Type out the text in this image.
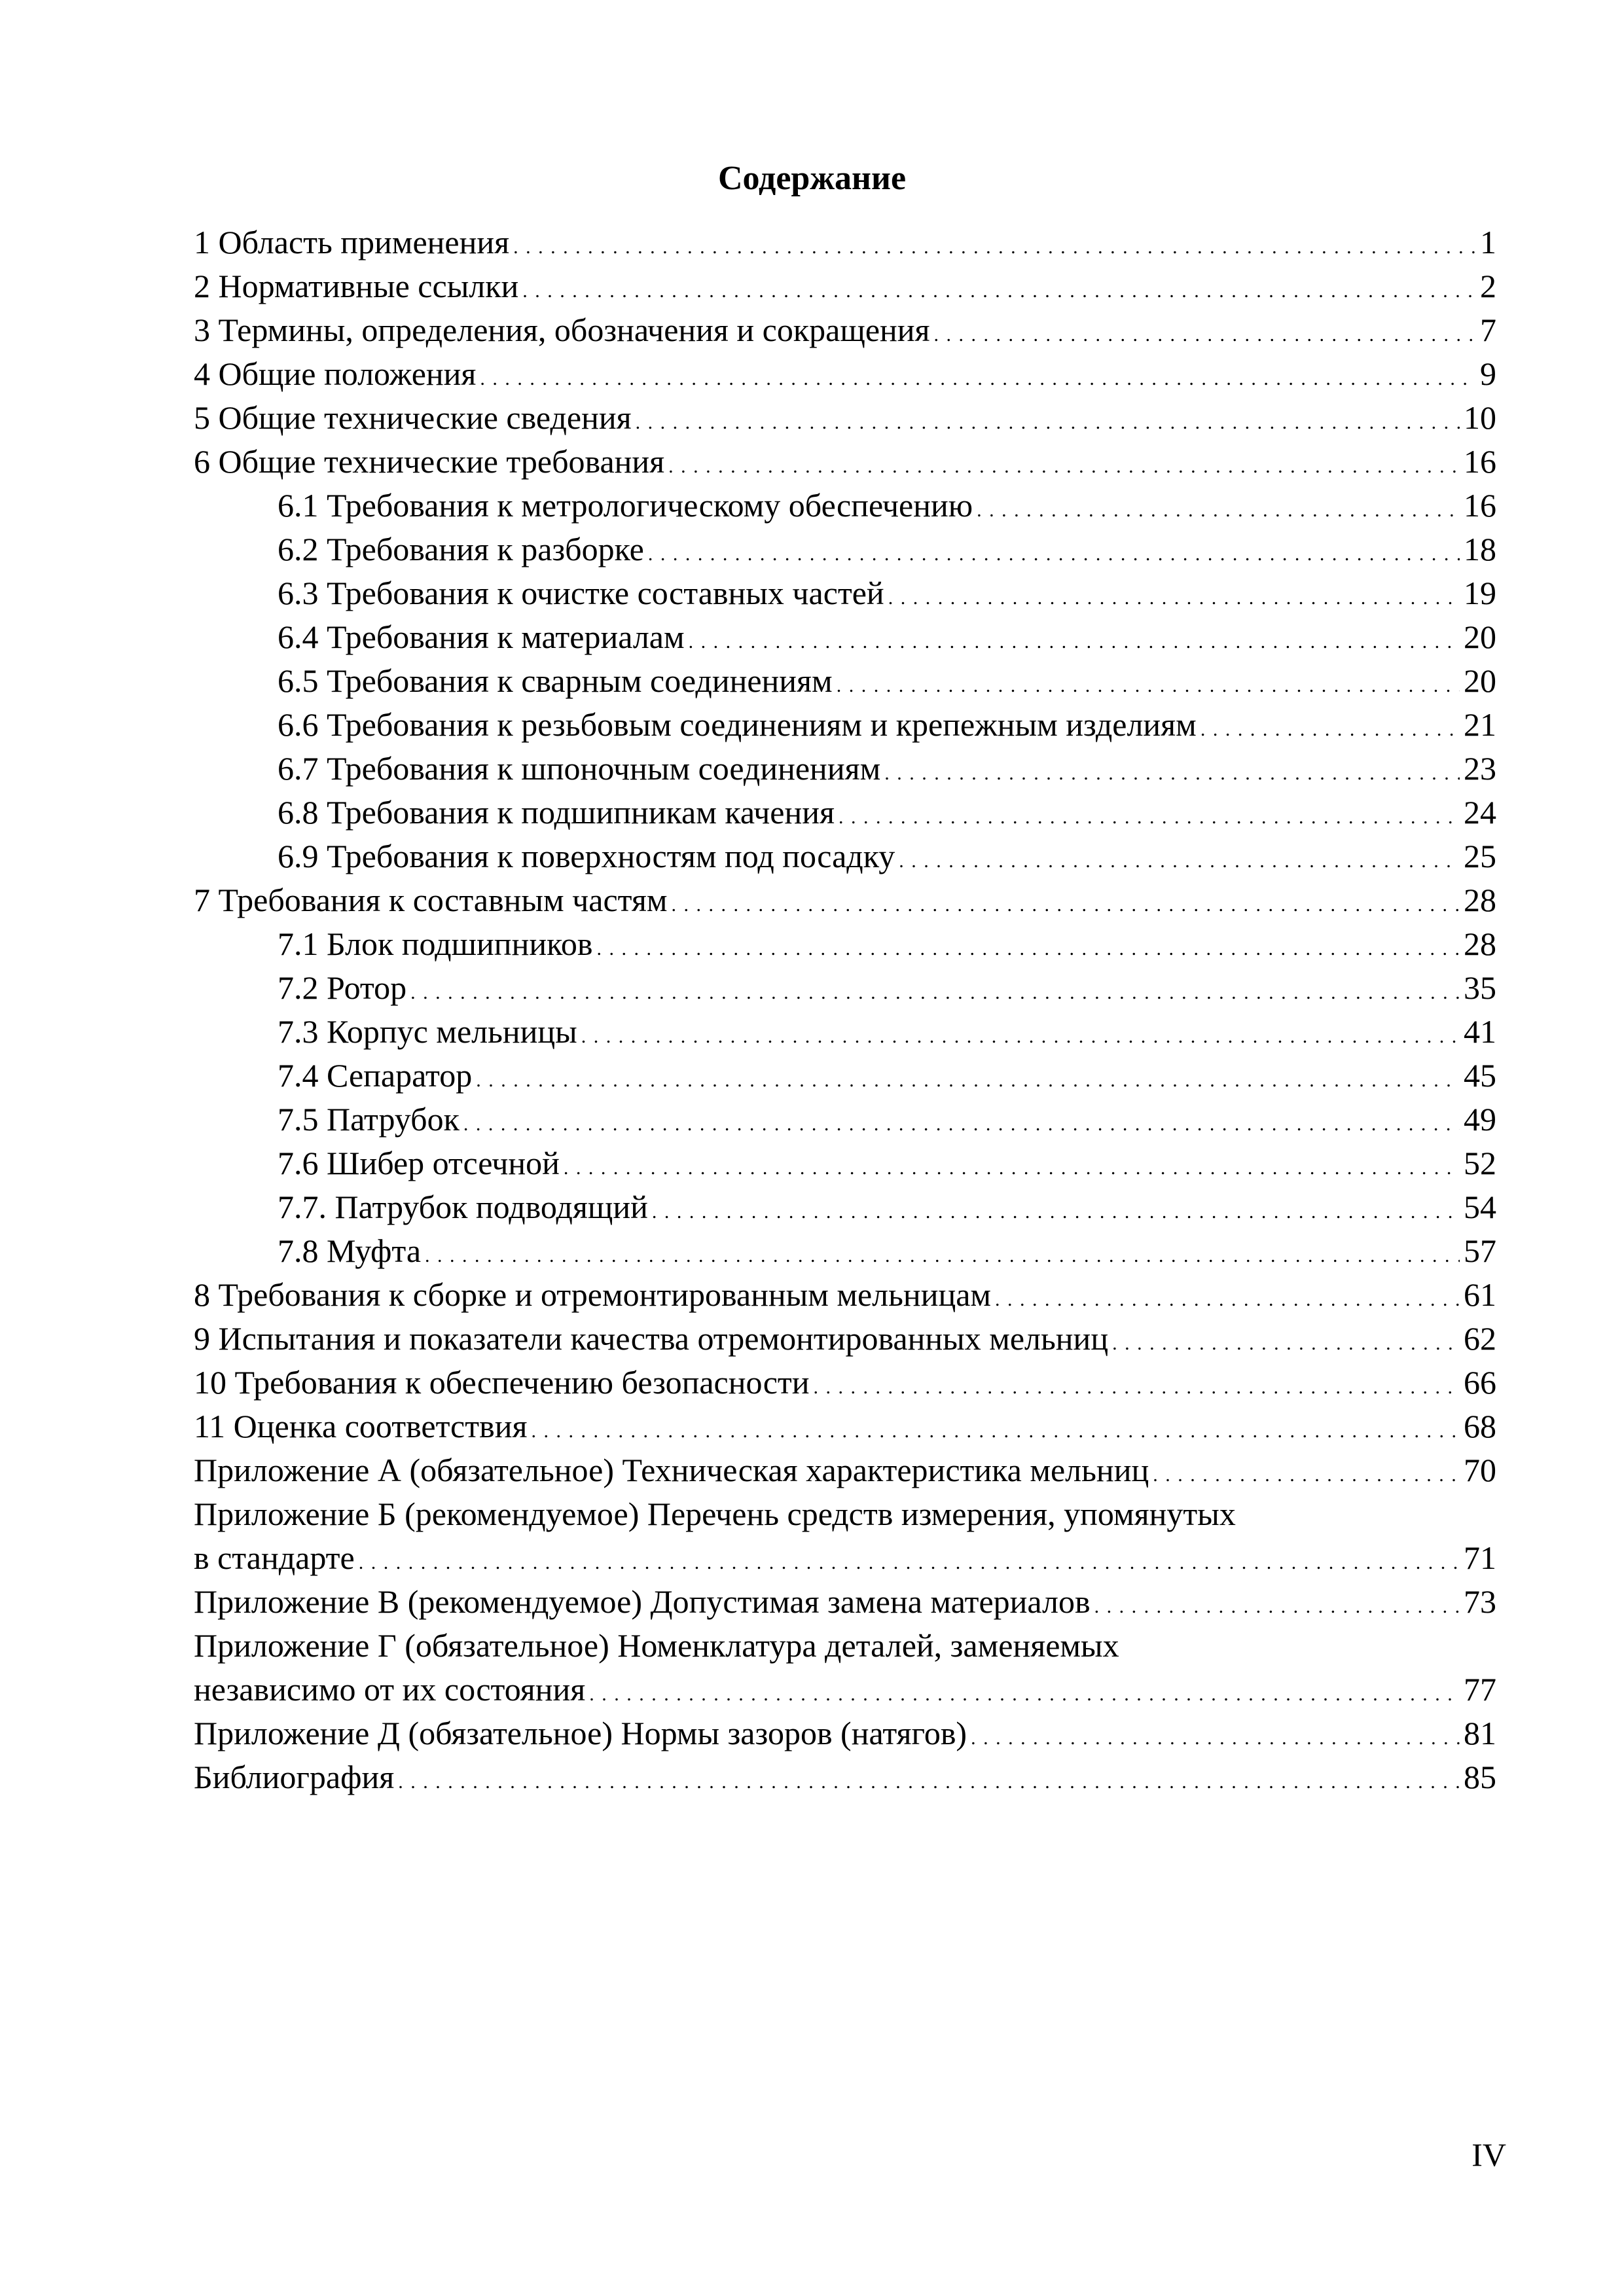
Содержание
1 Область применения . . .	1
2 Нормативные ссылки . . .	2
3 Термины, определения, обозначения и сокращения . . .	7
4 Общие положения . . .	9
5 Общие технические сведения . . .	10
6 Общие технические требования . . .	16
6.1 Требования к метрологическому обеспечению . . .	16
6.2 Требования к разборке . . .	18
6.3 Требования к очистке составных частей . . .	19
6.4 Требования к материалам . . .	20
6.5 Требования к сварным соединениям . . .	20
6.6 Требования к резьбовым соединениям и крепежным изделиям . . .	21
6.7 Требования к шпоночным соединениям . . .	23
6.8 Требования к подшипникам качения . . .	24
6.9 Требования к поверхностям под посадку . . .	25
7 Требования к составным частям . . .	28
7.1 Блок подшипников . . .	28
7.2 Ротор . . .	35
7.3 Корпус мельницы . . .	41
7.4 Сепаратор . . .	45
7.5 Патрубок . . .	49
7.6 Шибер отсечной . . .	52
7.7. Патрубок подводящий . . .	54
7.8 Муфта . . .	57
8 Требования к сборке и отремонтированным мельницам . . .	61
9 Испытания и показатели качества отремонтированных мельниц . . .	62
10 Требования к обеспечению безопасности . . .	66
11 Оценка соответствия . . .	68
Приложение А (обязательное) Техническая характеристика мельниц . . .	70
Приложение Б (рекомендуемое) Перечень средств измерения, упомянутых
в стандарте . . .	71
Приложение В (рекомендуемое) Допустимая замена материалов . . .	73
Приложение Г (обязательное) Номенклатура деталей, заменяемых
независимо от их состояния . . .	77
Приложение Д (обязательное) Нормы зазоров (натягов) . . .	81
Библиография . . .	85
IV
